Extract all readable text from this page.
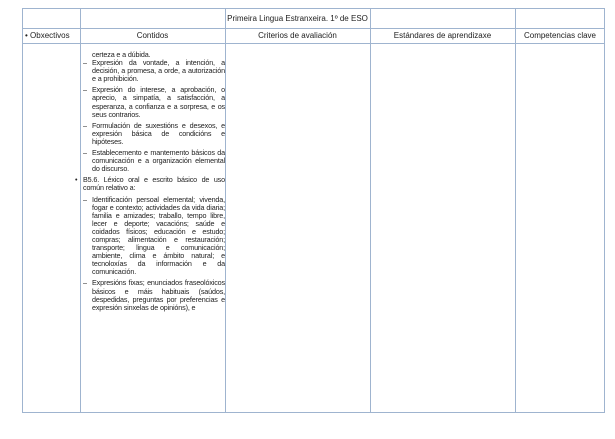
Primeira Lingua Estranxeira. 1º de ESO
• Obxectivos	Contidos	Criterios de avaliación	Estándares de aprendizaxe	Competencias clave

certeza e a dúbida.

– Expresión da vontade, a intención, a decisión, a promesa, a orde, a autorización e a prohibición.

– Expresión do interese, a aprobación, o aprecio, a simpatía, a satisfacción, a esperanza, a confianza e a sorpresa, e os seus contrarios.

– Formulación de suxestións e desexos, e expresión básica de condicións e hipóteses.

– Establecemento e mantemento básicos da comunicación e a organización elemental do discurso.

• B5.6. Léxico oral e escrito básico de uso común relativo a:

– Identificación persoal elemental; vivenda, fogar e contexto; actividades da vida diaria; familia e amizades; traballo, tempo libre, lecer e deporte; vacacións; saúde e coidados físicos; educación e estudo; compras; alimentación e restauración; transporte; lingua e comunicación; ambiente, clima e ámbito natural; e tecnoloxías da información e da comunicación.

– Expresións fixas; enunciados fraseolóxicos básicos e máis habituais (saúdos, despedidas, preguntas por preferencias e expresión sinxelas de opinións), e
